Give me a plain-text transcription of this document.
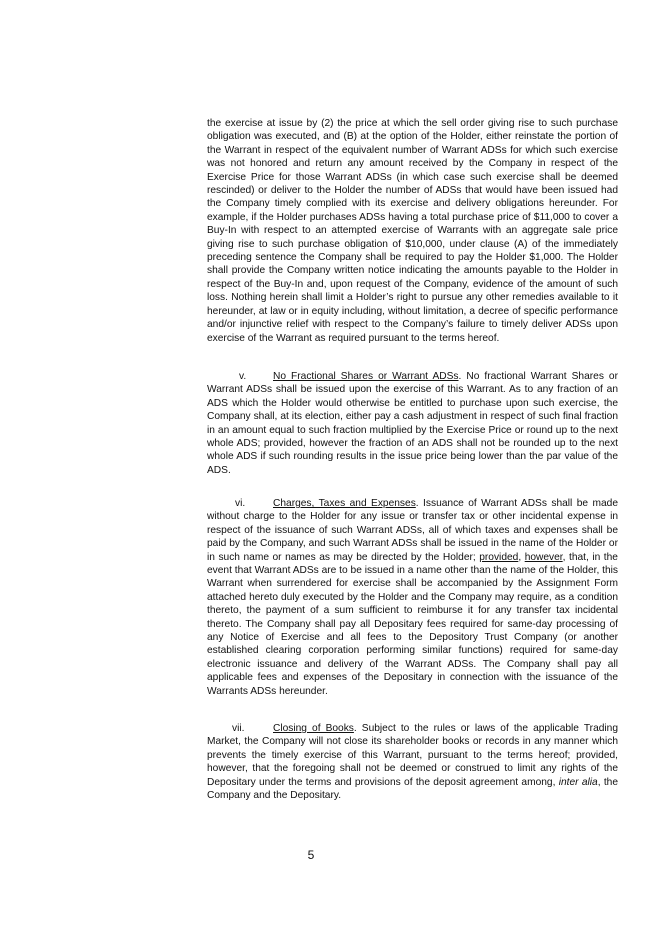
the exercise at issue by (2) the price at which the sell order giving rise to such purchase obligation was executed, and (B) at the option of the Holder, either reinstate the portion of the Warrant in respect of the equivalent number of Warrant ADSs for which such exercise was not honored and return any amount received by the Company in respect of the Exercise Price for those Warrant ADSs (in which case such exercise shall be deemed rescinded) or deliver to the Holder the number of ADSs that would have been issued had the Company timely complied with its exercise and delivery obligations hereunder. For example, if the Holder purchases ADSs having a total purchase price of $11,000 to cover a Buy-In with respect to an attempted exercise of Warrants with an aggregate sale price giving rise to such purchase obligation of $10,000, under clause (A) of the immediately preceding sentence the Company shall be required to pay the Holder $1,000. The Holder shall provide the Company written notice indicating the amounts payable to the Holder in respect of the Buy-In and, upon request of the Company, evidence of the amount of such loss. Nothing herein shall limit a Holder’s right to pursue any other remedies available to it hereunder, at law or in equity including, without limitation, a decree of specific performance and/or injunctive relief with respect to the Company’s failure to timely deliver ADSs upon exercise of the Warrant as required pursuant to the terms hereof.

v.	No Fractional Shares or Warrant ADSs. No fractional Warrant Shares or Warrant ADSs shall be issued upon the exercise of this Warrant. As to any fraction of an ADS which the Holder would otherwise be entitled to purchase upon such exercise, the Company shall, at its election, either pay a cash adjustment in respect of such final fraction in an amount equal to such fraction multiplied by the Exercise Price or round up to the next whole ADS; provided, however the fraction of an ADS shall not be rounded up to the next whole ADS if such rounding results in the issue price being lower than the par value of the ADS.

vi.	Charges, Taxes and Expenses. Issuance of Warrant ADSs shall be made without charge to the Holder for any issue or transfer tax or other incidental expense in respect of the issuance of such Warrant ADSs, all of which taxes and expenses shall be paid by the Company, and such Warrant ADSs shall be issued in the name of the Holder or in such name or names as may be directed by the Holder; provided, however, that, in the event that Warrant ADSs are to be issued in a name other than the name of the Holder, this Warrant when surrendered for exercise shall be accompanied by the Assignment Form attached hereto duly executed by the Holder and the Company may require, as a condition thereto, the payment of a sum sufficient to reimburse it for any transfer tax incidental thereto. The Company shall pay all Depositary fees required for same-day processing of any Notice of Exercise and all fees to the Depository Trust Company (or another established clearing corporation performing similar functions) required for same-day electronic issuance and delivery of the Warrant ADSs. The Company shall pay all applicable fees and expenses of the Depositary in connection with the issuance of the Warrants ADSs hereunder.

vii.	Closing of Books. Subject to the rules or laws of the applicable Trading Market, the Company will not close its shareholder books or records in any manner which prevents the timely exercise of this Warrant, pursuant to the terms hereof; provided, however, that the foregoing shall not be deemed or construed to limit any rights of the Depositary under the terms and provisions of the deposit agreement among, inter alia, the Company and the Depositary.

5
